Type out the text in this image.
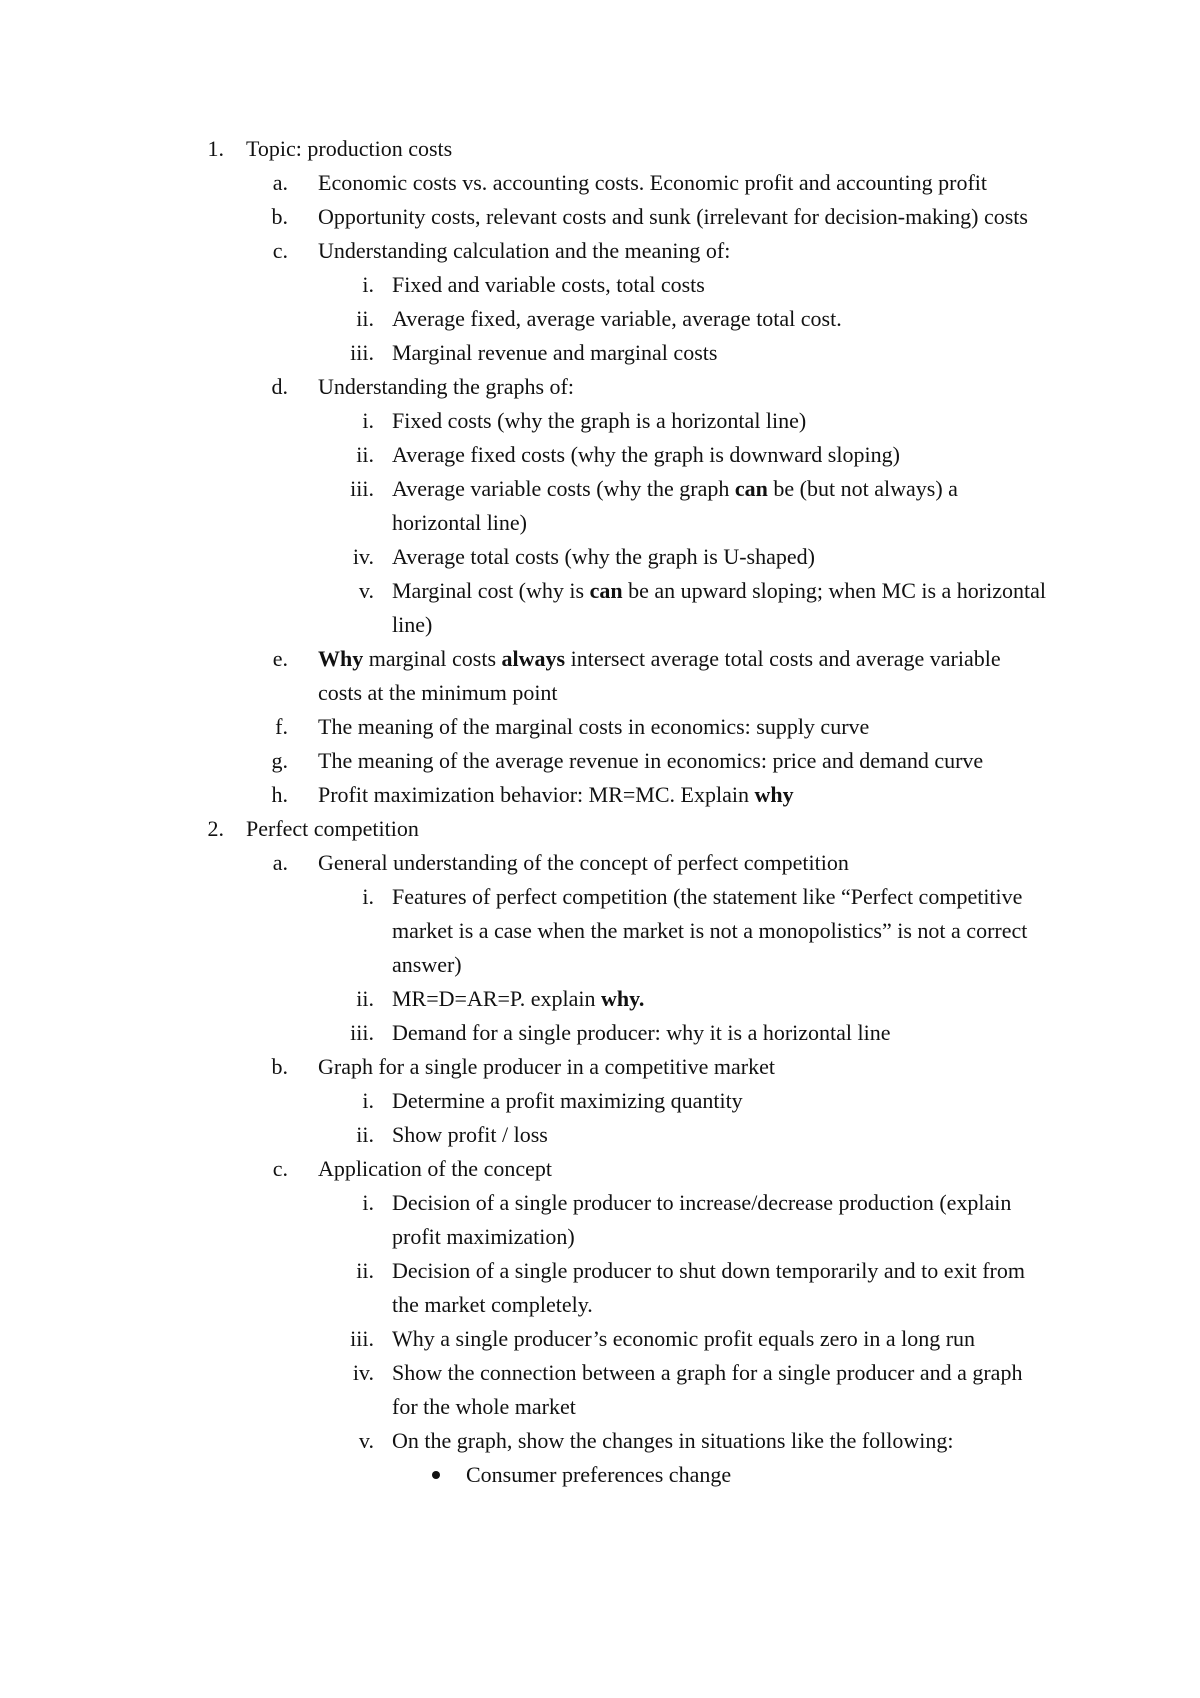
1. Topic: production costs
a. Economic costs vs. accounting costs. Economic profit and accounting profit
b. Opportunity costs, relevant costs and sunk (irrelevant for decision-making) costs
c. Understanding calculation and the meaning of:
i. Fixed and variable costs, total costs
ii. Average fixed, average variable, average total cost.
iii. Marginal revenue and marginal costs
d. Understanding the graphs of:
i. Fixed costs (why the graph is a horizontal line)
ii. Average fixed costs (why the graph is downward sloping)
iii. Average variable costs (why the graph can be (but not always) a
horizontal line)
iv. Average total costs (why the graph is U-shaped)
v. Marginal cost (why is can be an upward sloping; when MC is a horizontal
line)
e. Why marginal costs always intersect average total costs and average variable
costs at the minimum point
f. The meaning of the marginal costs in economics: supply curve
g. The meaning of the average revenue in economics: price and demand curve
h. Profit maximization behavior: MR=MC. Explain why
2. Perfect competition
a. General understanding of the concept of perfect competition
i. Features of perfect competition (the statement like “Perfect competitive
market is a case when the market is not a monopolistics” is not a correct
answer)
ii. MR=D=AR=P. explain why.
iii. Demand for a single producer: why it is a horizontal line
b. Graph for a single producer in a competitive market
i. Determine a profit maximizing quantity
ii. Show profit / loss
c. Application of the concept
i. Decision of a single producer to increase/decrease production (explain
profit maximization)
ii. Decision of a single producer to shut down temporarily and to exit from
the market completely.
iii. Why a single producer’s economic profit equals zero in a long run
iv. Show the connection between a graph for a single producer and a graph
for the whole market
v. On the graph, show the changes in situations like the following:
Consumer preferences change
